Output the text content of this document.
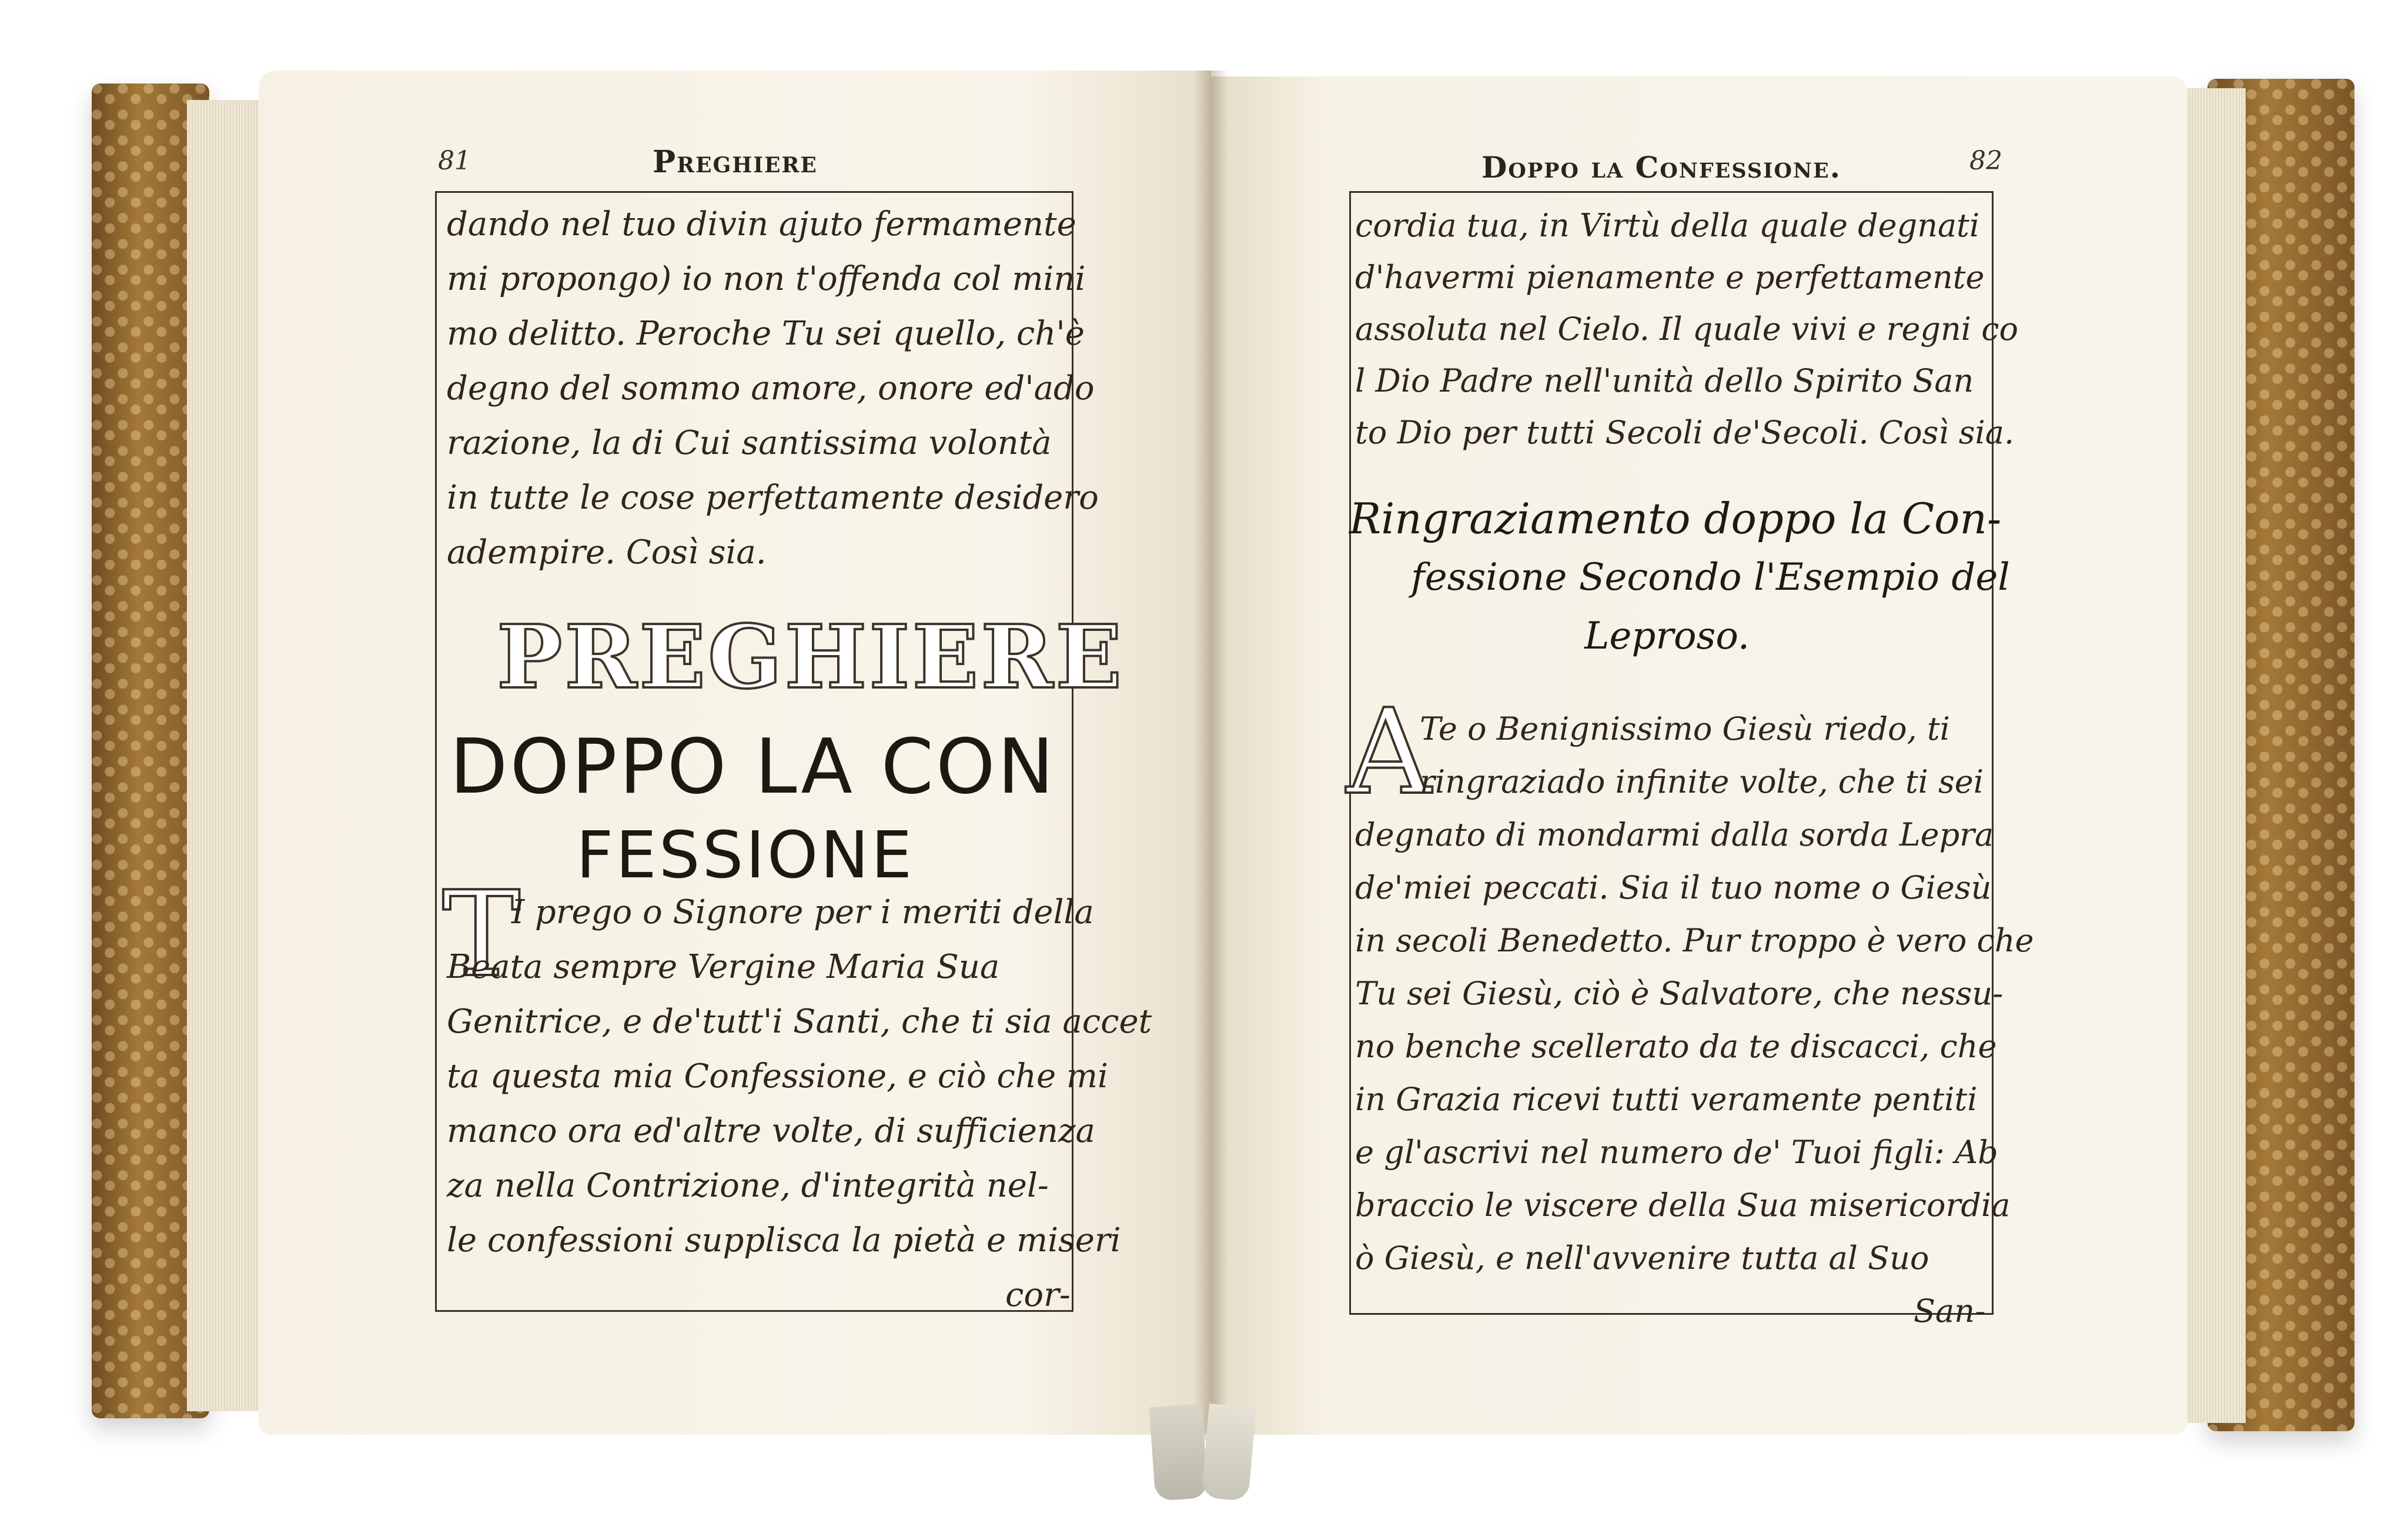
81	Preghiere
dando nel tuo divin ajuto fermamente
mi propongo) io non t'offenda col mini
mo delitto. Peroche Tu sei quello, ch'è
degno del sommo amore, onore ed'ado
razione, la di Cui santissima volontà
in tutte le cose perfettamente desidero
adempire. Così sia.
PREGHIERE
DOPPO LA CON
FESSIONE
T
I prego o Signore per i meriti della
Beata sempre Vergine Maria Sua
Genitrice, e de'tutt'i Santi, che ti sia accet
ta questa mia Confessione, e ciò che mi
manco ora ed'altre volte, di sufficienza
za nella Contrizione, d'integrità nel-
le confessioni supplisca la pietà e miseri
cor-
Doppo la Confessione.	82
cordia tua, in Virtù della quale degnati
d'havermi pienamente e perfettamente
assoluta nel Cielo. Il quale vivi e regni co
l Dio Padre nell'unità dello Spirito San
to Dio per tutti Secoli de'Secoli. Così sia.
Ringraziamento doppo la Con-
fessione Secondo l'Esempio del
Leproso.
A
Te o Benignissimo Giesù riedo, ti
ringraziado infinite volte, che ti sei
degnato di mondarmi dalla sorda Lepra
de'miei peccati. Sia il tuo nome o Giesù
in secoli Benedetto. Pur troppo è vero che
Tu sei Giesù, ciò è Salvatore, che nessu-
no benche scellerato da te discacci, che
in Grazia ricevi tutti veramente pentiti
e gl'ascrivi nel numero de' Tuoi figli: Ab
braccio le viscere della Sua misericordia
ò Giesù, e nell'avvenire tutta al Suo
San-
